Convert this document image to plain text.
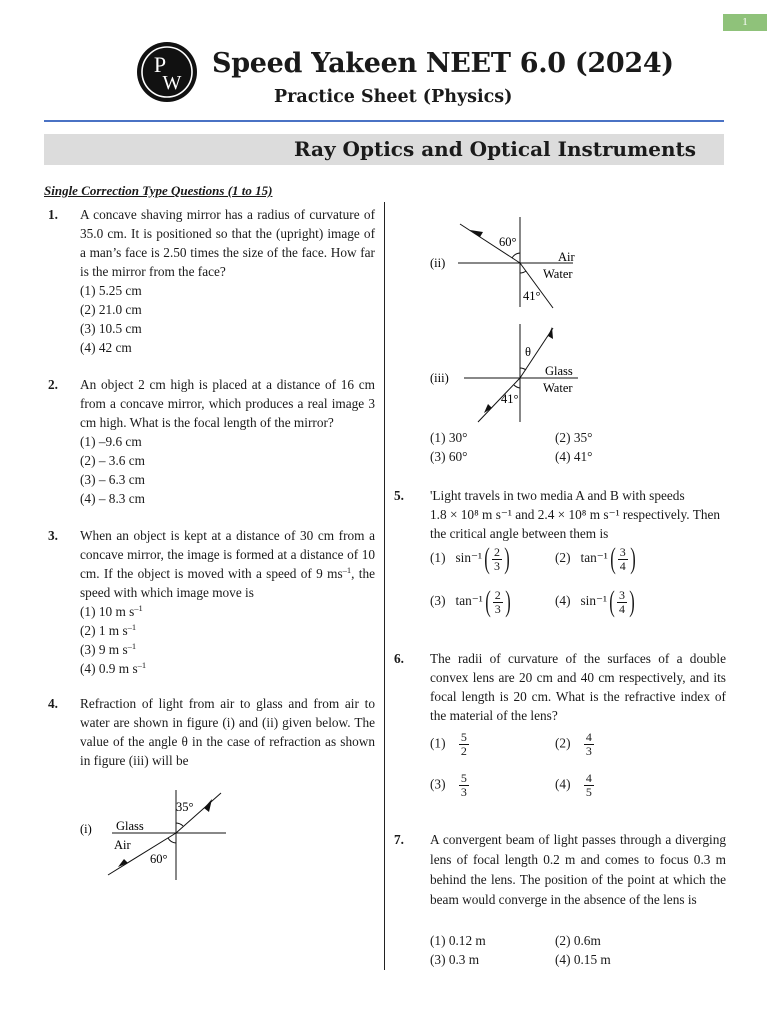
1
P
W
Speed Yakeen NEET 6.0 (2024)
Practice Sheet (Physics)
Ray Optics and Optical Instruments
Single Correction Type Questions (1 to 15)
1. A concave shaving mirror has a radius of curvature of 35.0 cm. It is positioned so that the (upright) image of a man’s face is 2.50 times the size of the face. How far is the mirror from the face?
(1) 5.25 cm
(2) 21.0 cm
(3) 10.5 cm
(4) 42 cm
2. An object 2 cm high is placed at a distance of 16 cm from a concave mirror, which produces a real image 3 cm high. What is the focal length of the mirror?
(1) –9.6 cm
(2) – 3.6 cm
(3) – 6.3 cm
(4) – 8.3 cm
3. When an object is kept at a distance of 30 cm from a concave mirror, the image is formed at a distance of 10 cm. If the object is moved with a speed of 9 $ms^{-1}$, the speed with which image move is
(1) 10 m $s^{-1}$
(2) 1 m $s^{-1}$
(3) 9 m $s^{-1}$
(4) 0.9 m $s^{-1}$
4. Refraction of light from air to glass and from air to water are shown in figure (i) and (ii) given below. The value of the angle θ in the case of refraction as shown in figure (iii) will be
(i)
35°
Glass
Air
60°
(ii)
60°
Air
Water
41°
(iii)
θ
Glass
Water
41°
(1) 30°	(2) 35°
(3) 60°	(4) 41°
5. 'Light travels in two media A and B with speeds
1.8 × 10⁸ m s⁻¹ and 2.4 × 10⁸ m s⁻¹ respectively. Then
the critical angle between them is
(1) $\sin^{-1}( \frac{2}{3}$ )	(2) $\tan^{-1}( \frac{3}{4}$ )
(3) $\tan^{-1}( \frac{2}{3}$ )	(4) $\sin^{-1}( \frac{3}{4}$ )
6. The radii of curvature of the surfaces of a double convex lens are 20 cm and 40 cm respectively, and its focal length is 20 cm. What is the refractive index of the material of the lens?
$(1) \frac{5}{2}$	$(2) \frac{4}{3}$
$(3) \frac{5}{3}$	$(4) \frac{4}{5}$
7. A convergent beam of light passes through a diverging lens of focal length 0.2 m and comes to focus 0.3 m behind the lens. The position of the point at which the beam would converge in the absence of the lens is
(1) 0.12 m	(2) 0.6m
(3) 0.3 m	(4) 0.15 m
